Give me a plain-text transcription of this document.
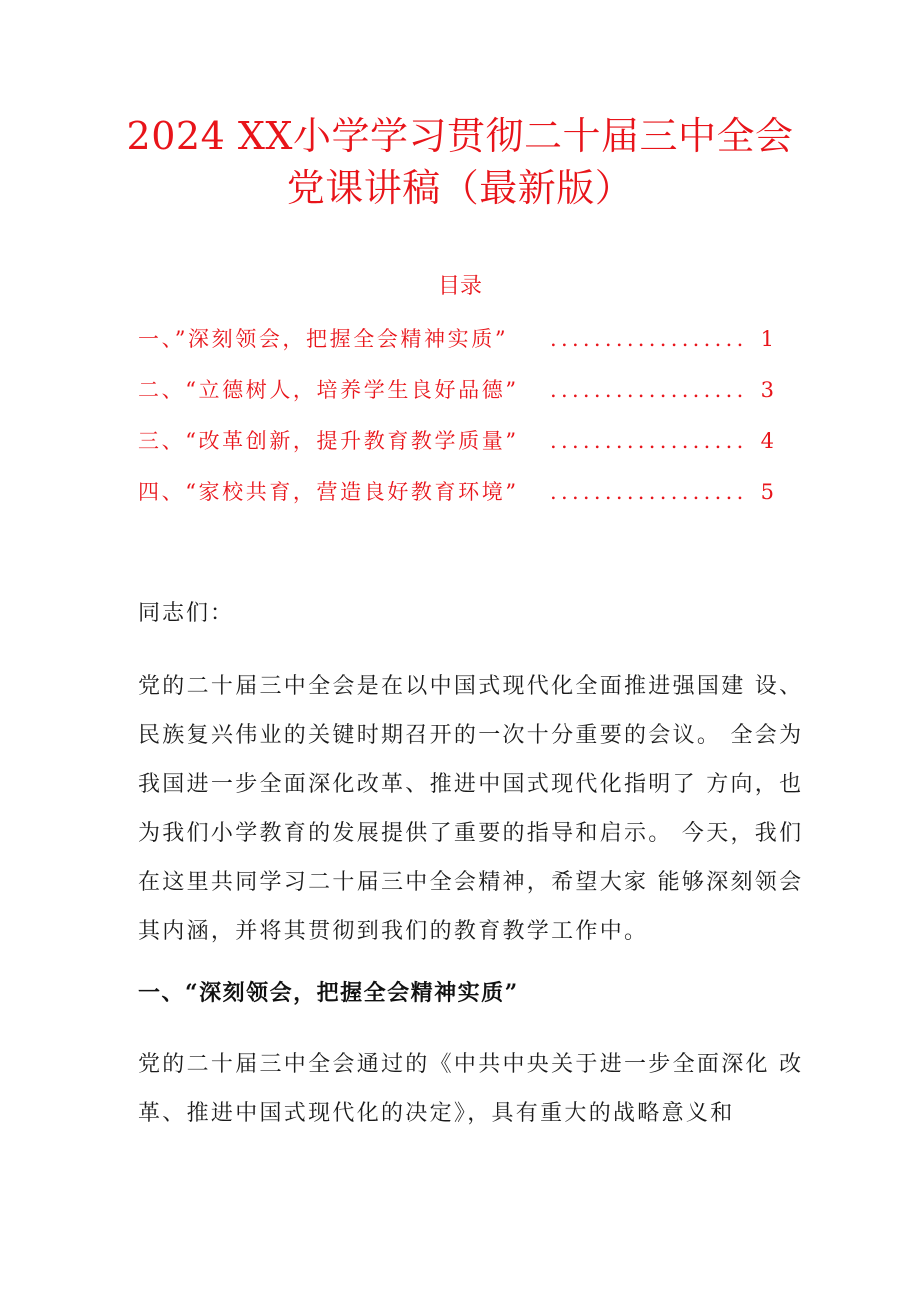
2024 XX小学学习贯彻二十届三中全会
党课讲稿（最新版）
目录
一、”深刻领会，把握全会精神实质” .................. 1
二、“立德树人，培养学生良好品德” .................. 3
三、“改革创新，提升教育教学质量” .................. 4
四、“家校共育，营造良好教育环境” .................. 5
同志们：
党的二十届三中全会是在以中国式现代化全面推进强国建 设、
民族复兴伟业的关键时期召开的一次十分重要的会议。 全会为
我国进一步全面深化改革、推进中国式现代化指明了 方向，也
为我们小学教育的发展提供了重要的指导和启示。 今天，我们
在这里共同学习二十届三中全会精神，希望大家 能够深刻领会
其内涵，并将其贯彻到我们的教育教学工作中。
一、“深刻领会，把握全会精神实质”
党的二十届三中全会通过的《中共中央关于进一步全面深化 改
革、推进中国式现代化的决定》，具有重大的战略意义和
